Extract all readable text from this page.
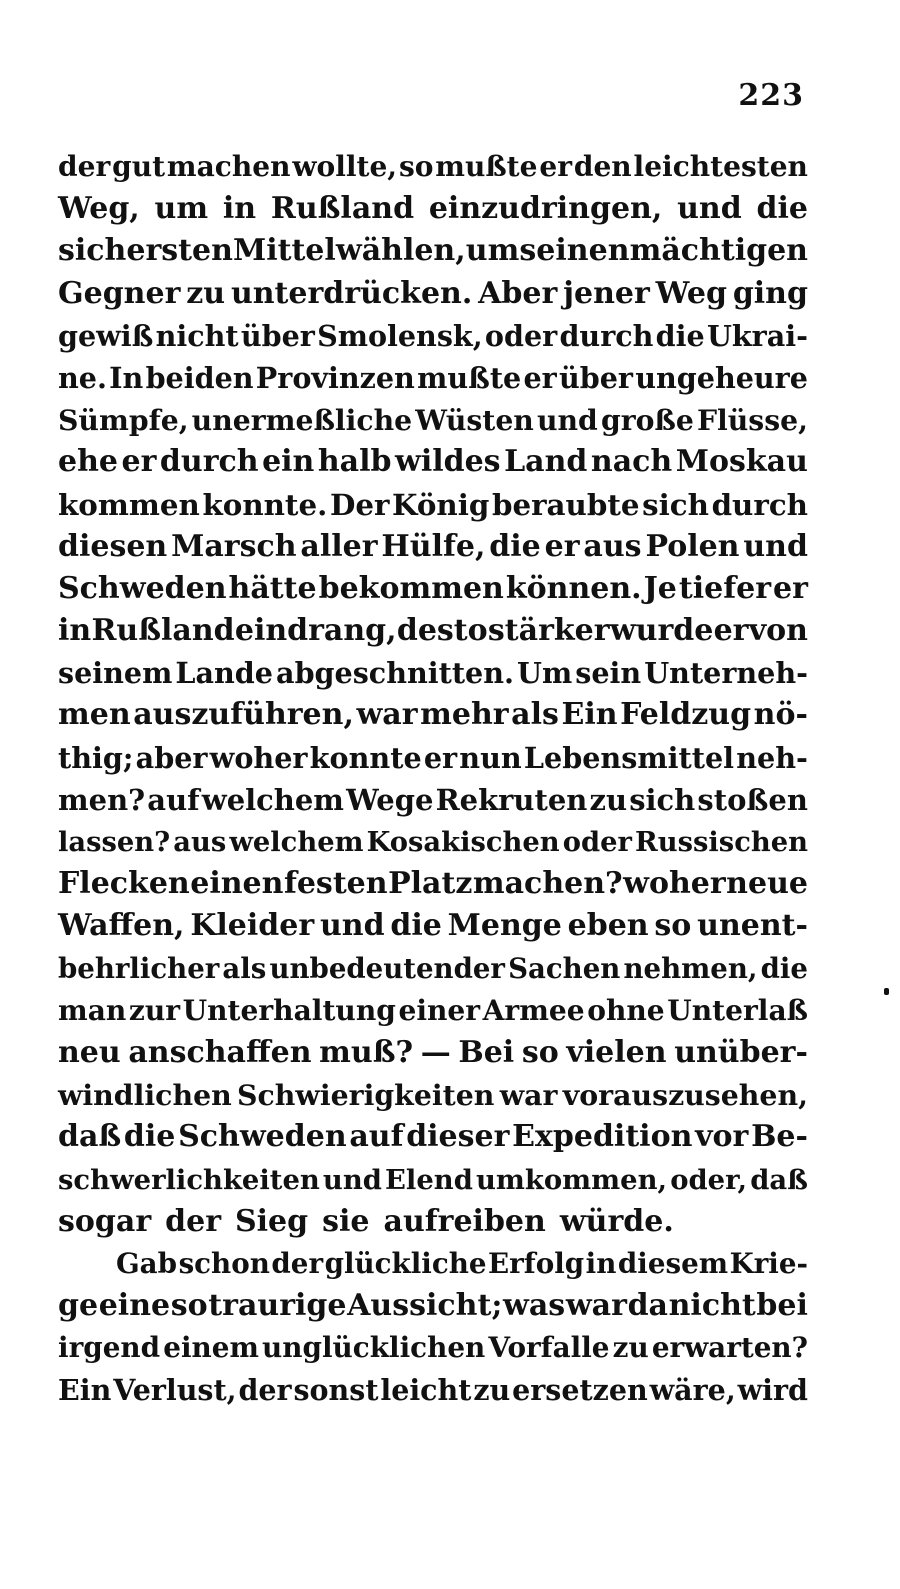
223
der gut machen wollte, so mußte er den leichtesten
Weg, um in Rußland einzudringen, und die
sichersten Mittel wählen, um seinen mächtigen
Gegner zu unterdrücken. Aber jener Weg ging
gewiß nicht über Smolensk, oder durch die Ukrai-
ne. In beiden Provinzen mußte er über ungeheure
Sümpfe, unermeßliche Wüsten und große Flüsse,
ehe er durch ein halb wildes Land nach Moskau
kommen konnte. Der König beraubte sich durch
diesen Marsch aller Hülfe, die er aus Polen und
Schweden hätte bekommen können. Je tiefer er
in Rußland eindrang, desto stärker wurde er von
seinem Lande abgeschnitten. Um sein Unterneh-
men auszuführen, war mehr als Ein Feldzug nö-
thig; aber woher konnte er nun Lebensmittel neh-
men? auf welchem Wege Rekruten zu sich stoßen
lassen? aus welchem Kosakischen oder Russischen
Flecken einen festen Platz machen? woher neue
Waffen, Kleider und die Menge eben so unent-
behrlicher als unbedeutender Sachen nehmen, die
man zur Unterhaltung einer Armee ohne Unterlaß
neu anschaffen muß? — Bei so vielen unüber-
windlichen Schwierigkeiten war vorauszusehen,
daß die Schweden auf dieser Expedition vor Be-
schwerlichkeiten und Elend umkommen, oder, daß
sogar der Sieg sie aufreiben würde.
Gab schon der glückliche Erfolg in diesem Krie-
ge eine so traurige Aussicht; was war da nicht bei
irgend einem unglücklichen Vorfalle zu erwarten?
Ein Verlust, der sonst leicht zu ersetzen wäre, wird
